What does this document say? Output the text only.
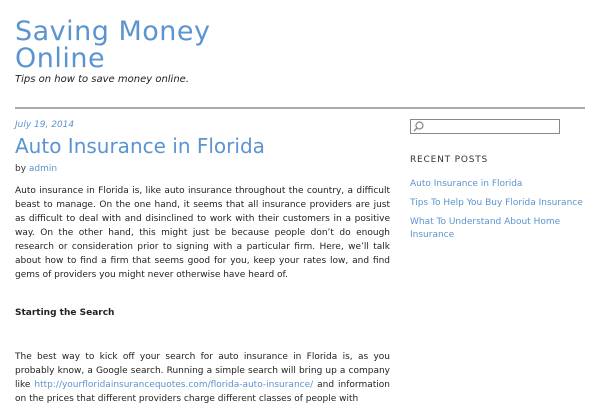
Saving Money Online
Tips on how to save money online.
July 19, 2014
Auto Insurance in Florida
by admin

Auto insurance in Florida is, like auto insurance throughout the country, a difficult beast to manage. On the one hand, it seems that all insurance providers are just as difficult to deal with and disinclined to work with their customers in a positive way. On the other hand, this might just be because people don’t do enough research or consideration prior to signing with a particular firm. Here, we’ll talk about how to find a firm that seems good for you, keep your rates low, and find gems of providers you might never otherwise have heard of.

Starting the Search
The best way to kick off your search for auto insurance in Florida is, as you probably know, a Google search. Running a simple search will bring up a company like http://yourfloridainsurancequotes.com/florida-auto-insurance/ and information on the prices that different providers charge different classes of people with
RECENT POSTS
Auto Insurance in Florida
Tips To Help You Buy Florida Insurance
What To Understand About Home Insurance
